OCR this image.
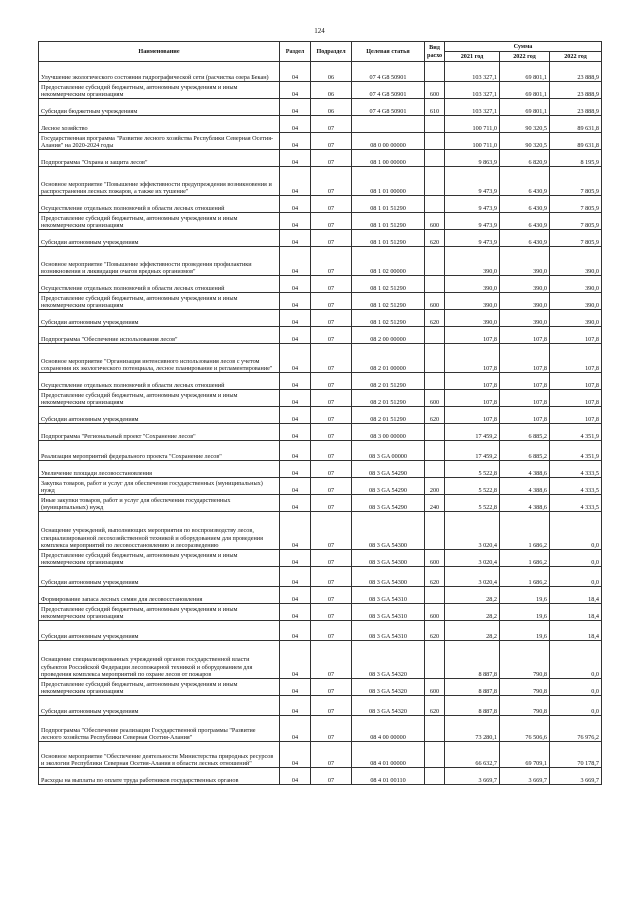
124
Наименование	Раздел	Подраздел	Целевая статья	Вид расхо	Сумма		
					2021 год	2022 год	2022 год
Улучшение экологического состояния гидрографической сети (расчистка озера Бекан)	04	06	07 4 G8 50901		103 327,1	69 801,1	23 888,9
Предоставление субсидий бюджетным, автономным учреждениям и иным некоммерческим организациям	04	06	07 4 G8 50901	600	103 327,1	69 801,1	23 888,9
Субсидии бюджетным учреждениям	04	06	07 4 G8 50901	610	103 327,1	69 801,1	23 888,9
Лесное хозяйство	04	07			100 711,0	90 320,5	89 631,8
Государственная программа "Развитие лесного хозяйства Республики Северная Осетия-Алания" на 2020-2024 годы	04	07	08 0 00 00000		100 711,0	90 320,5	89 631,8
Подпрограмма "Охрана и защита лесов"	04	07	08 1 00 00000		9 863,9	6 820,9	8 195,9
Основное мероприятие "Повышение эффективности предупреждения возникновения и распространения лесных пожаров, а также их тушение"	04	07	08 1 01 00000		9 473,9	6 430,9	7 805,9
Осуществление отдельных полномочий в области лесных отношений	04	07	08 1 01 51290		9 473,9	6 430,9	7 805,9
Предоставление субсидий бюджетным, автономным учреждениям и иным некоммерческим организациям	04	07	08 1 01 51290	600	9 473,9	6 430,9	7 805,9
Субсидии автономным учреждениям	04	07	08 1 01 51290	620	9 473,9	6 430,9	7 805,9
Основное мероприятие "Повышение эффективности проведения профилактики возникновения и ликвидации очагов вредных организмов"	04	07	08 1 02 00000		390,0	390,0	390,0
Осуществление отдельных полномочий в области лесных отношений	04	07	08 1 02 51290		390,0	390,0	390,0
Предоставление субсидий бюджетным, автономным учреждениям и иным некоммерческим организациям	04	07	08 1 02 51290	600	390,0	390,0	390,0
Субсидии автономным учреждениям	04	07	08 1 02 51290	620	390,0	390,0	390,0
Подпрограмма "Обеспечение использования лесов"	04	07	08 2 00 00000		107,8	107,8	107,8
Основное мероприятие "Организация интенсивного использования лесов с учетом сохранения их экологического потенциала, лесное планирование и регламентирование"	04	07	08 2 01 00000		107,8	107,8	107,8
Осуществление отдельных полномочий в области лесных отношений	04	07	08 2 01 51290		107,8	107,8	107,8
Предоставление субсидий бюджетным, автономным учреждениям и иным некоммерческим организациям	04	07	08 2 01 51290	600	107,8	107,8	107,8
Субсидии автономным учреждениям	04	07	08 2 01 51290	620	107,8	107,8	107,8
Подпрограмма "Региональный проект "Сохранение лесов"	04	07	08 3 00 00000		17 459,2	6 885,2	4 351,9
Реализация мероприятий федерального проекта "Сохранение лесов"	04	07	08 3 GA 00000		17 459,2	6 885,2	4 351,9
Увеличение площади лесовосстановления	04	07	08 3 GA 54290		5 522,8	4 388,6	4 333,5
Закупка товаров, работ и услуг для обеспечения государственных (муниципальных) нужд	04	07	08 3 GA 54290	200	5 522,8	4 388,6	4 333,5
Иные закупки товаров, работ и услуг для обеспечения государственных (муниципальных) нужд	04	07	08 3 GA 54290	240	5 522,8	4 388,6	4 333,5
Оснащение учреждений, выполняющих мероприятия по воспроизводству лесов, специализированной лесохозяйственной техникой и оборудованием для проведения комплекса мероприятий по лесовосстановлению и лесоразведению	04	07	08 3 GA 54300		3 020,4	1 686,2	0,0
Предоставление субсидий бюджетным, автономным учреждениям и иным некоммерческим организациям	04	07	08 3 GA 54300	600	3 020,4	1 686,2	0,0
Субсидии автономным учреждениям	04	07	08 3 GA 54300	620	3 020,4	1 686,2	0,0
Формирование запаса лесных семян для лесовосстановления	04	07	08 3 GA 54310		28,2	19,6	18,4
Предоставление субсидий бюджетным, автономным учреждениям и иным некоммерческим организациям	04	07	08 3 GA 54310	600	28,2	19,6	18,4
Субсидии автономным учреждениям	04	07	08 3 GA 54310	620	28,2	19,6	18,4
Оснащение специализированных учреждений органов государственной власти субъектов Российской Федерации лесопожарной техникой и оборудованием для проведения комплекса мероприятий по охране лесов от пожаров	04	07	08 3 GA 54320		8 887,8	790,8	0,0
Предоставление субсидий бюджетным, автономным учреждениям и иным некоммерческим организациям	04	07	08 3 GA 54320	600	8 887,8	790,8	0,0
Субсидии автономным учреждениям	04	07	08 3 GA 54320	620	8 887,8	790,8	0,0
Подпрограмма "Обеспечение реализации Государственной программы "Развитие лесного хозяйства Республики Северная Осетия-Алания"	04	07	08 4 00 00000		73 280,1	76 506,6	76 976,2
Основное мероприятие "Обеспечение деятельности Министерства природных ресурсов и экологии Республики Северная Осетия-Алания в области лесных отношений"	04	07	08 4 01 00000		66 632,7	69 709,1	70 178,7
Расходы на выплаты по оплате труда работников государственных органов	04	07	08 4 01 00110		3 669,7	3 669,7	3 669,7
